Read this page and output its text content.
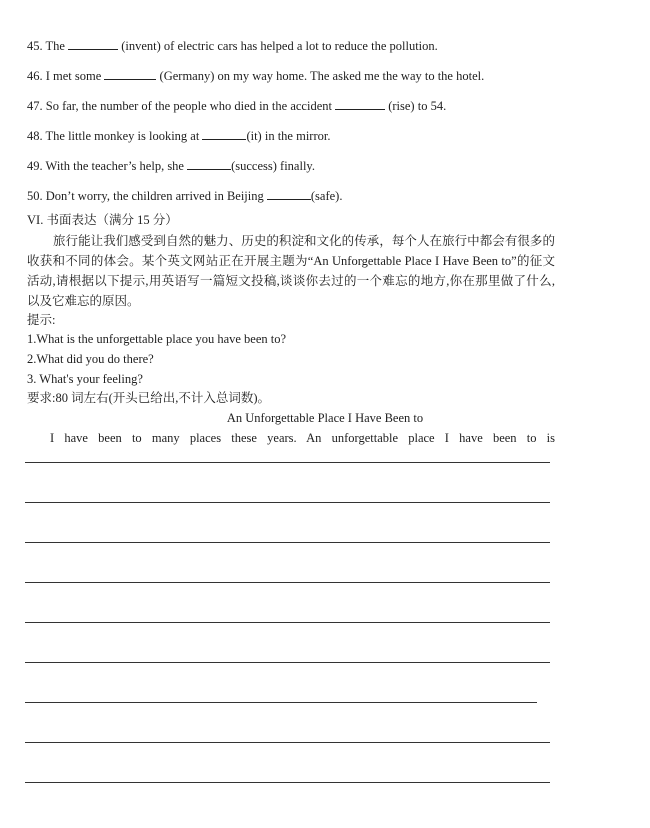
45. The	(invent) of electric cars has helped a lot to reduce the pollution.
46. I met some	(Germany) on my way home. The asked me the way to the hotel.
47. So far, the number of the people who died in the accident	(rise) to 54.
48. The little monkey is looking at	(it) in the mirror.
49. With the teacher’s help, she	(success) finally.
50. Don’t worry, the children arrived in Beijing	(safe).
VI. 书面表达（满分 15 分）
旅行能让我们感受到自然的魅力、历史的积淀和文化的传承，每个人在旅行中都会有很多的收获和不同的体会。某个英文网站正在开展主题为“An Unforgettable Place I Have Been to”的征文活动,请根据以下提示,用英语写一篇短文投稿,谈谈你去过的一个难忘的地方,你在那里做了什么,以及它难忘的原因。
提示:
1.What is the unforgettable place you have been to?
2.What did you do there?
3. What's your feeling?
要求:80 词左右(开头已给出,不计入总词数)。
An Unforgettable Place I Have Been to
I have been to many places these years. An unforgettable place I have been to is
